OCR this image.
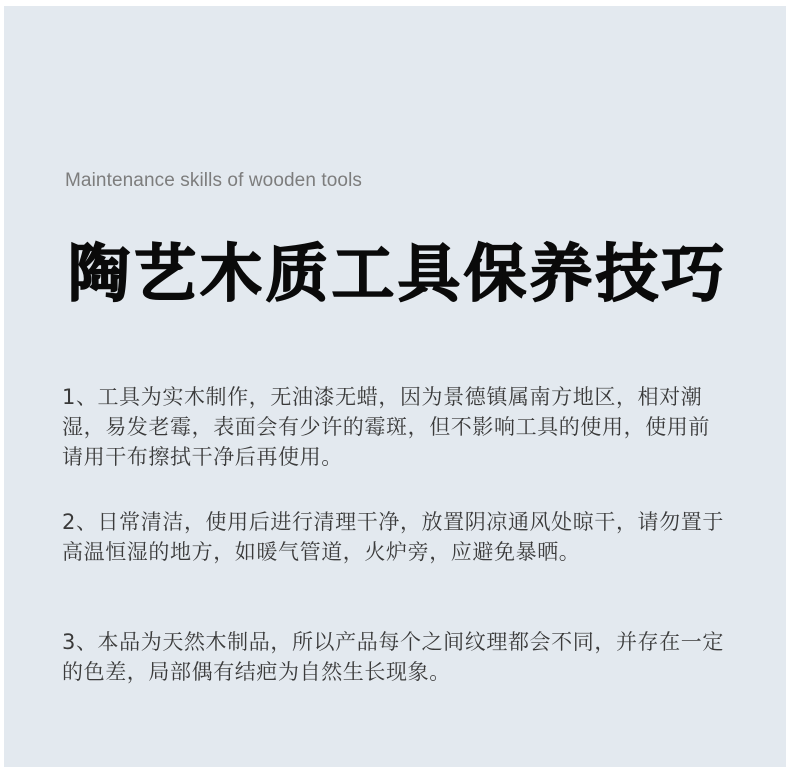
Maintenance skills of wooden tools
陶艺木质工具保养技巧

1、工具为实木制作，无油漆无蜡，因为景德镇属南方地区，相对潮湿，易发老霉，表面会有少许的霉斑，但不影响工具的使用，使用前请用干布擦拭干净后再使用。

2、日常清洁，使用后进行清理干净，放置阴凉通风处晾干，请勿置于高温恒湿的地方，如暖气管道，火炉旁，应避免暴晒。

3、本品为天然木制品，所以产品每个之间纹理都会不同，并存在一定的色差，局部偶有结疤为自然生长现象。
